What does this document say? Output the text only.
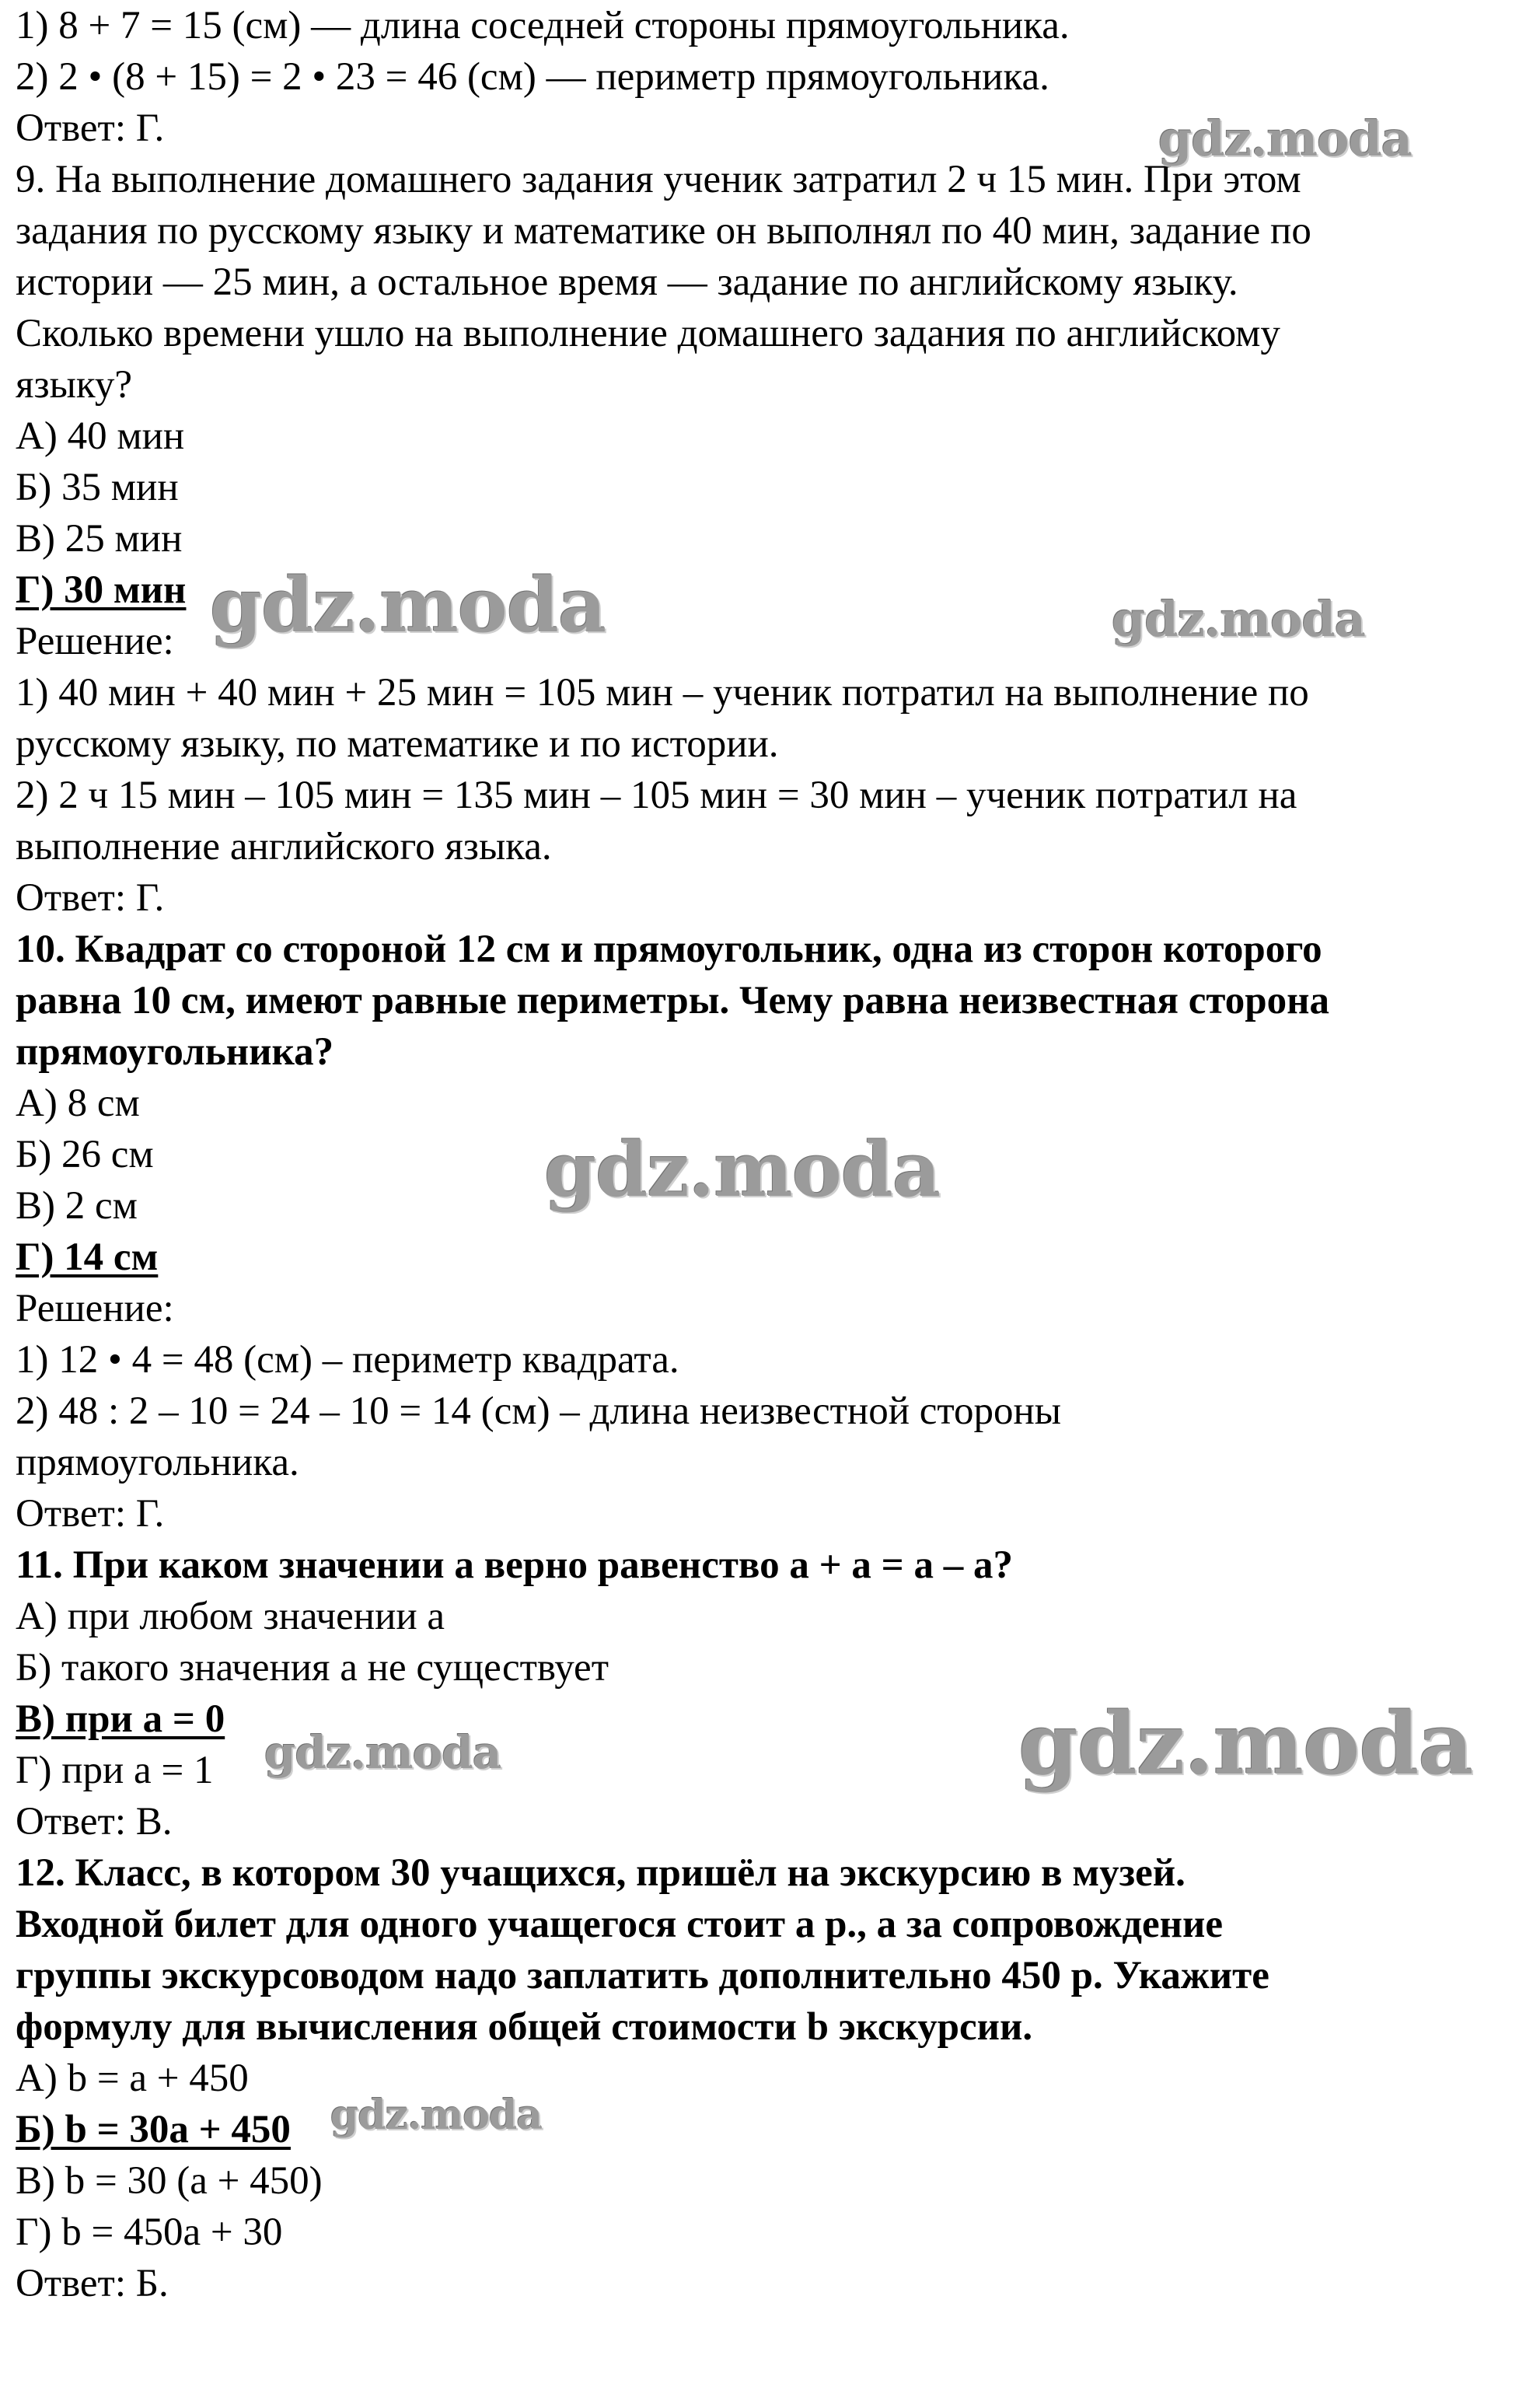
1) 8 + 7 = 15 (см) — длина соседней стороны прямоугольника.
2) 2 • (8 + 15) = 2 • 23 = 46 (см) — периметр прямоугольника.
Ответ: Г.
9. На выполнение домашнего задания ученик затратил 2 ч 15 мин. При этом
задания по русскому языку и математике он выполнял по 40 мин, задание по
истории — 25 мин, а остальное время — задание по английскому языку.
Сколько времени ушло на выполнение домашнего задания по английскому
языку?
А) 40 мин
Б) 35 мин
В) 25 мин
Г) 30 мин
Решение:
1) 40 мин + 40 мин + 25 мин = 105 мин – ученик потратил на выполнение по
русскому языку, по математике и по истории.
2) 2 ч 15 мин – 105 мин = 135 мин – 105 мин = 30 мин – ученик потратил на
выполнение английского языка.
Ответ: Г.
10. Квадрат со стороной 12 см и прямоугольник, одна из сторон которого
равна 10 см, имеют равные периметры. Чему равна неизвестная сторона
прямоугольника?
А) 8 см
Б) 26 см
В) 2 см
Г) 14 см
Решение:
1) 12 • 4 = 48 (см) – периметр квадрата.
2) 48 : 2 – 10 = 24 – 10 = 14 (см) – длина неизвестной стороны
прямоугольника.
Ответ: Г.
11. При каком значении а верно равенство а + а = а – а?
А) при любом значении а
Б) такого значения а не существует
В) при а = 0
Г) при а = 1
Ответ: В.
12. Класс, в котором 30 учащихся, пришёл на экскурсию в музей.
Входной билет для одного учащегося стоит а р., а за сопровождение
группы экскурсоводом надо заплатить дополнительно 450 р. Укажите
формулу для вычисления общей стоимости b экскурсии.
А) b = а + 450
Б) b = 30a + 450
В) b = 30 (а + 450)
Г) b = 450а + 30
Ответ: Б.
gdz.moda
gdz.moda	gdz.moda
gdz.moda
gdz.moda
gdz.moda
gdz.moda
